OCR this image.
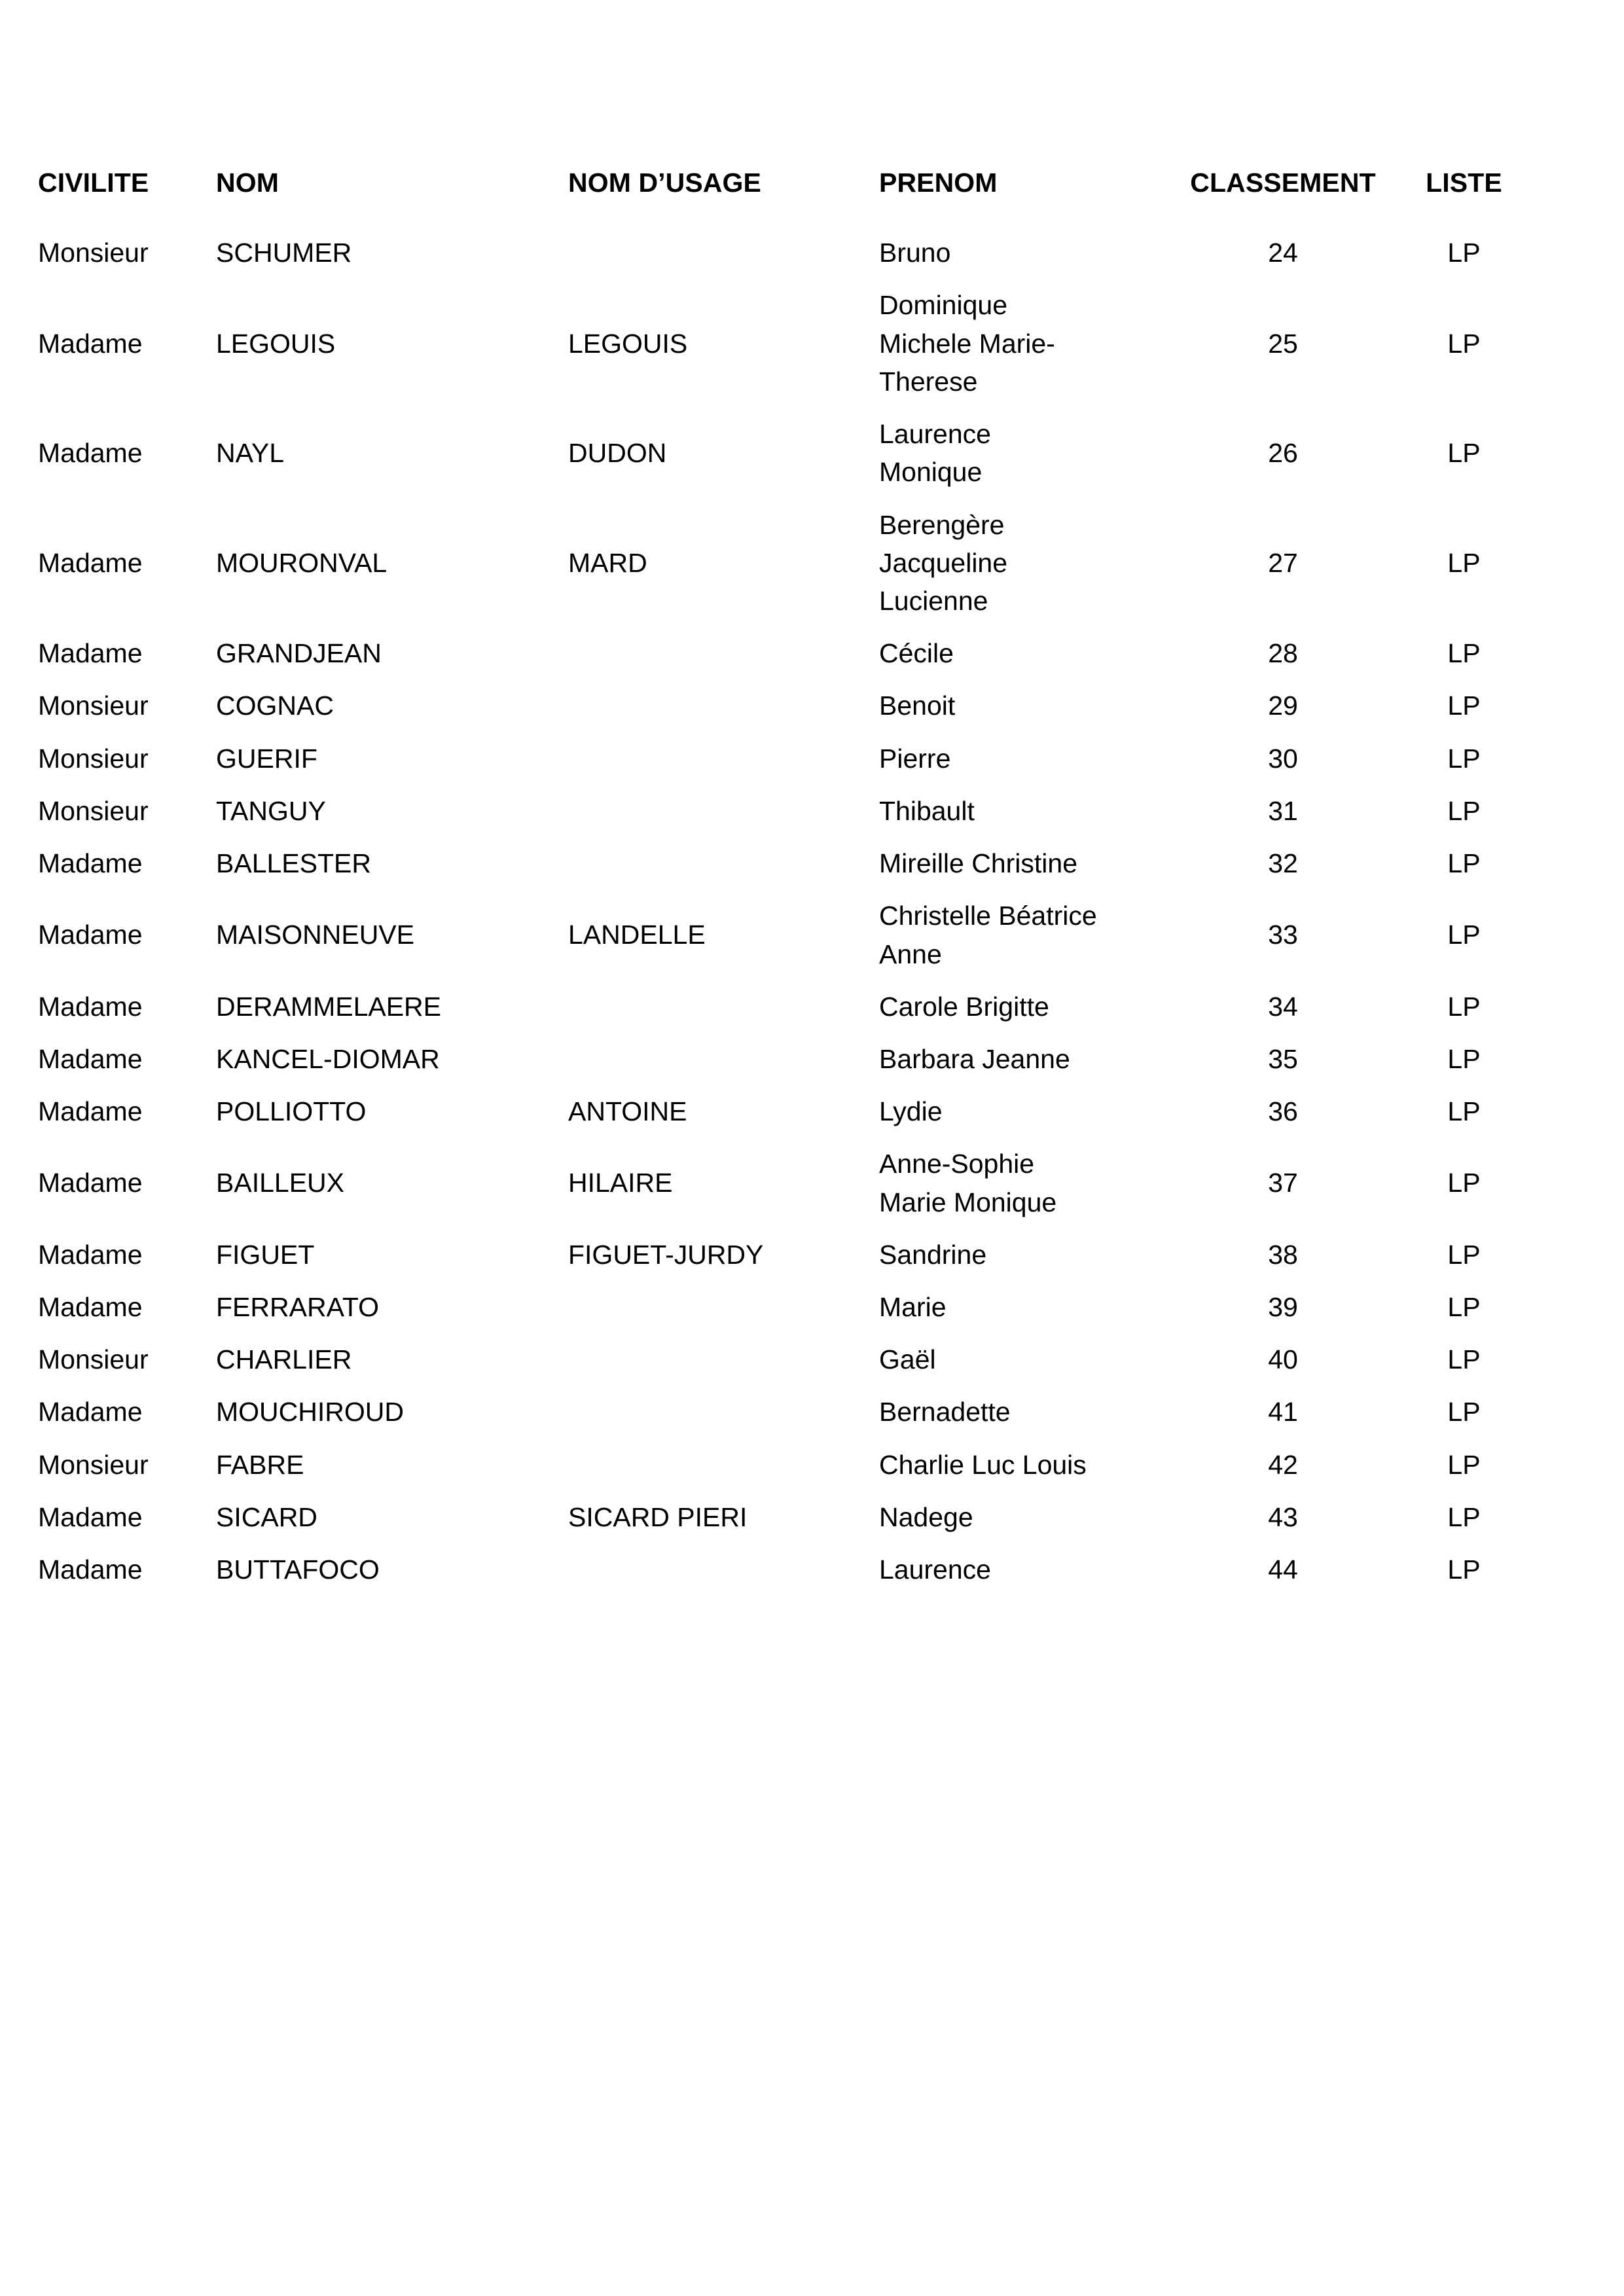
CIVILITE	NOM	NOM D’USAGE	PRENOM	CLASSEMENT	LISTE
Monsieur	SCHUMER		Bruno	24	LP
Madame	LEGOUIS	LEGOUIS	Dominique
Michele Marie-
Therese	25	LP
Madame	NAYL	DUDON	Laurence
Monique	26	LP
Madame	MOURONVAL	MARD	Berengère
Jacqueline
Lucienne	27	LP
Madame	GRANDJEAN		Cécile	28	LP
Monsieur	COGNAC		Benoit	29	LP
Monsieur	GUERIF		Pierre	30	LP
Monsieur	TANGUY		Thibault	31	LP
Madame	BALLESTER		Mireille Christine	32	LP
Madame	MAISONNEUVE	LANDELLE	Christelle Béatrice
Anne	33	LP
Madame	DERAMMELAERE		Carole Brigitte	34	LP
Madame	KANCEL-DIOMAR		Barbara Jeanne	35	LP
Madame	POLLIOTTO	ANTOINE	Lydie	36	LP
Madame	BAILLEUX	HILAIRE	Anne-Sophie
Marie Monique	37	LP
Madame	FIGUET	FIGUET-JURDY	Sandrine	38	LP
Madame	FERRARATO		Marie	39	LP
Monsieur	CHARLIER		Gaël	40	LP
Madame	MOUCHIROUD		Bernadette	41	LP
Monsieur	FABRE		Charlie Luc Louis	42	LP
Madame	SICARD	SICARD PIERI	Nadege	43	LP
Madame	BUTTAFOCO		Laurence	44	LP
